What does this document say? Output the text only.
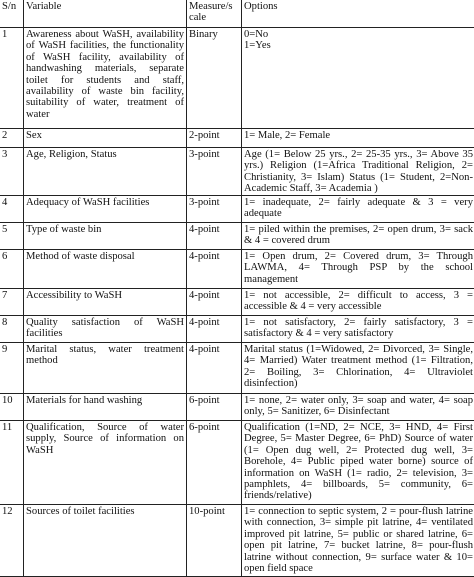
S/n	Variable	Measure/s cale	Options
1	Awareness about WaSH, availability of WaSH facilities, the functionality of WaSH facility, availability of handwashing materials, separate toilet for students and staff, availability of waste bin facility, suitability of water, treatment of water	Binary	0=No
1=Yes

2	Sex	2-point	1= Male, 2= Female
3	Age, Religion, Status	3-point	Age (1= Below 25 yrs., 2= 25-35 yrs., 3= Above 35 yrs.) Religion (1=Africa Traditional Religion, 2= Christianity, 3= Islam) Status (1= Student, 2=Non-Academic Staff, 3= Academia )
4	Adequacy of WaSH facilities	3-point	1= inadequate, 2= fairly adequate & 3 = very adequate
5	Type of waste bin	4-point	1= piled within the premises, 2= open drum, 3= sack & 4 = covered drum
6	Method of waste disposal	4-point	1= Open drum, 2= Covered drum, 3= Through LAWMA, 4= Through PSP by the school management
7	Accessibility to WaSH	4-point	1= not accessible, 2= difficult to access, 3 = accessible & 4 = very accessible
8	Quality satisfaction of WaSH facilities	4-point	1= not satisfactory, 2= fairly satisfactory, 3 = satisfactory & 4 = very satisfactory
9	Marital status, water treatment method	4-point	Marital status (1=Widowed, 2= Divorced, 3= Single, 4= Married) Water treatment method (1= Filtration, 2= Boiling, 3= Chlorination, 4= Ultraviolet disinfection)
10	Materials for hand washing	6-point	1= none, 2= water only, 3= soap and water, 4= soap only, 5= Sanitizer, 6= Disinfectant
11	Qualification, Source of water supply, Source of information on WaSH	6-point	Qualification (1=ND, 2= NCE, 3= HND, 4= First Degree, 5= Master Degree, 6= PhD) Source of water (1= Open dug well, 2= Protected dug well, 3= Borehole, 4= Public piped water borne) source of information on WaSH (1= radio, 2= television, 3= pamphlets, 4= billboards, 5= community, 6= friends/relative)
12	Sources of toilet facilities	10-point	1= connection to septic system, 2 = pour-flush latrine with connection, 3= simple pit latrine, 4= ventilated improved pit latrine, 5= public or shared latrine, 6= open pit latrine, 7= bucket latrine, 8= pour-flush latrine without connection, 9= surface water & 10= open field space
